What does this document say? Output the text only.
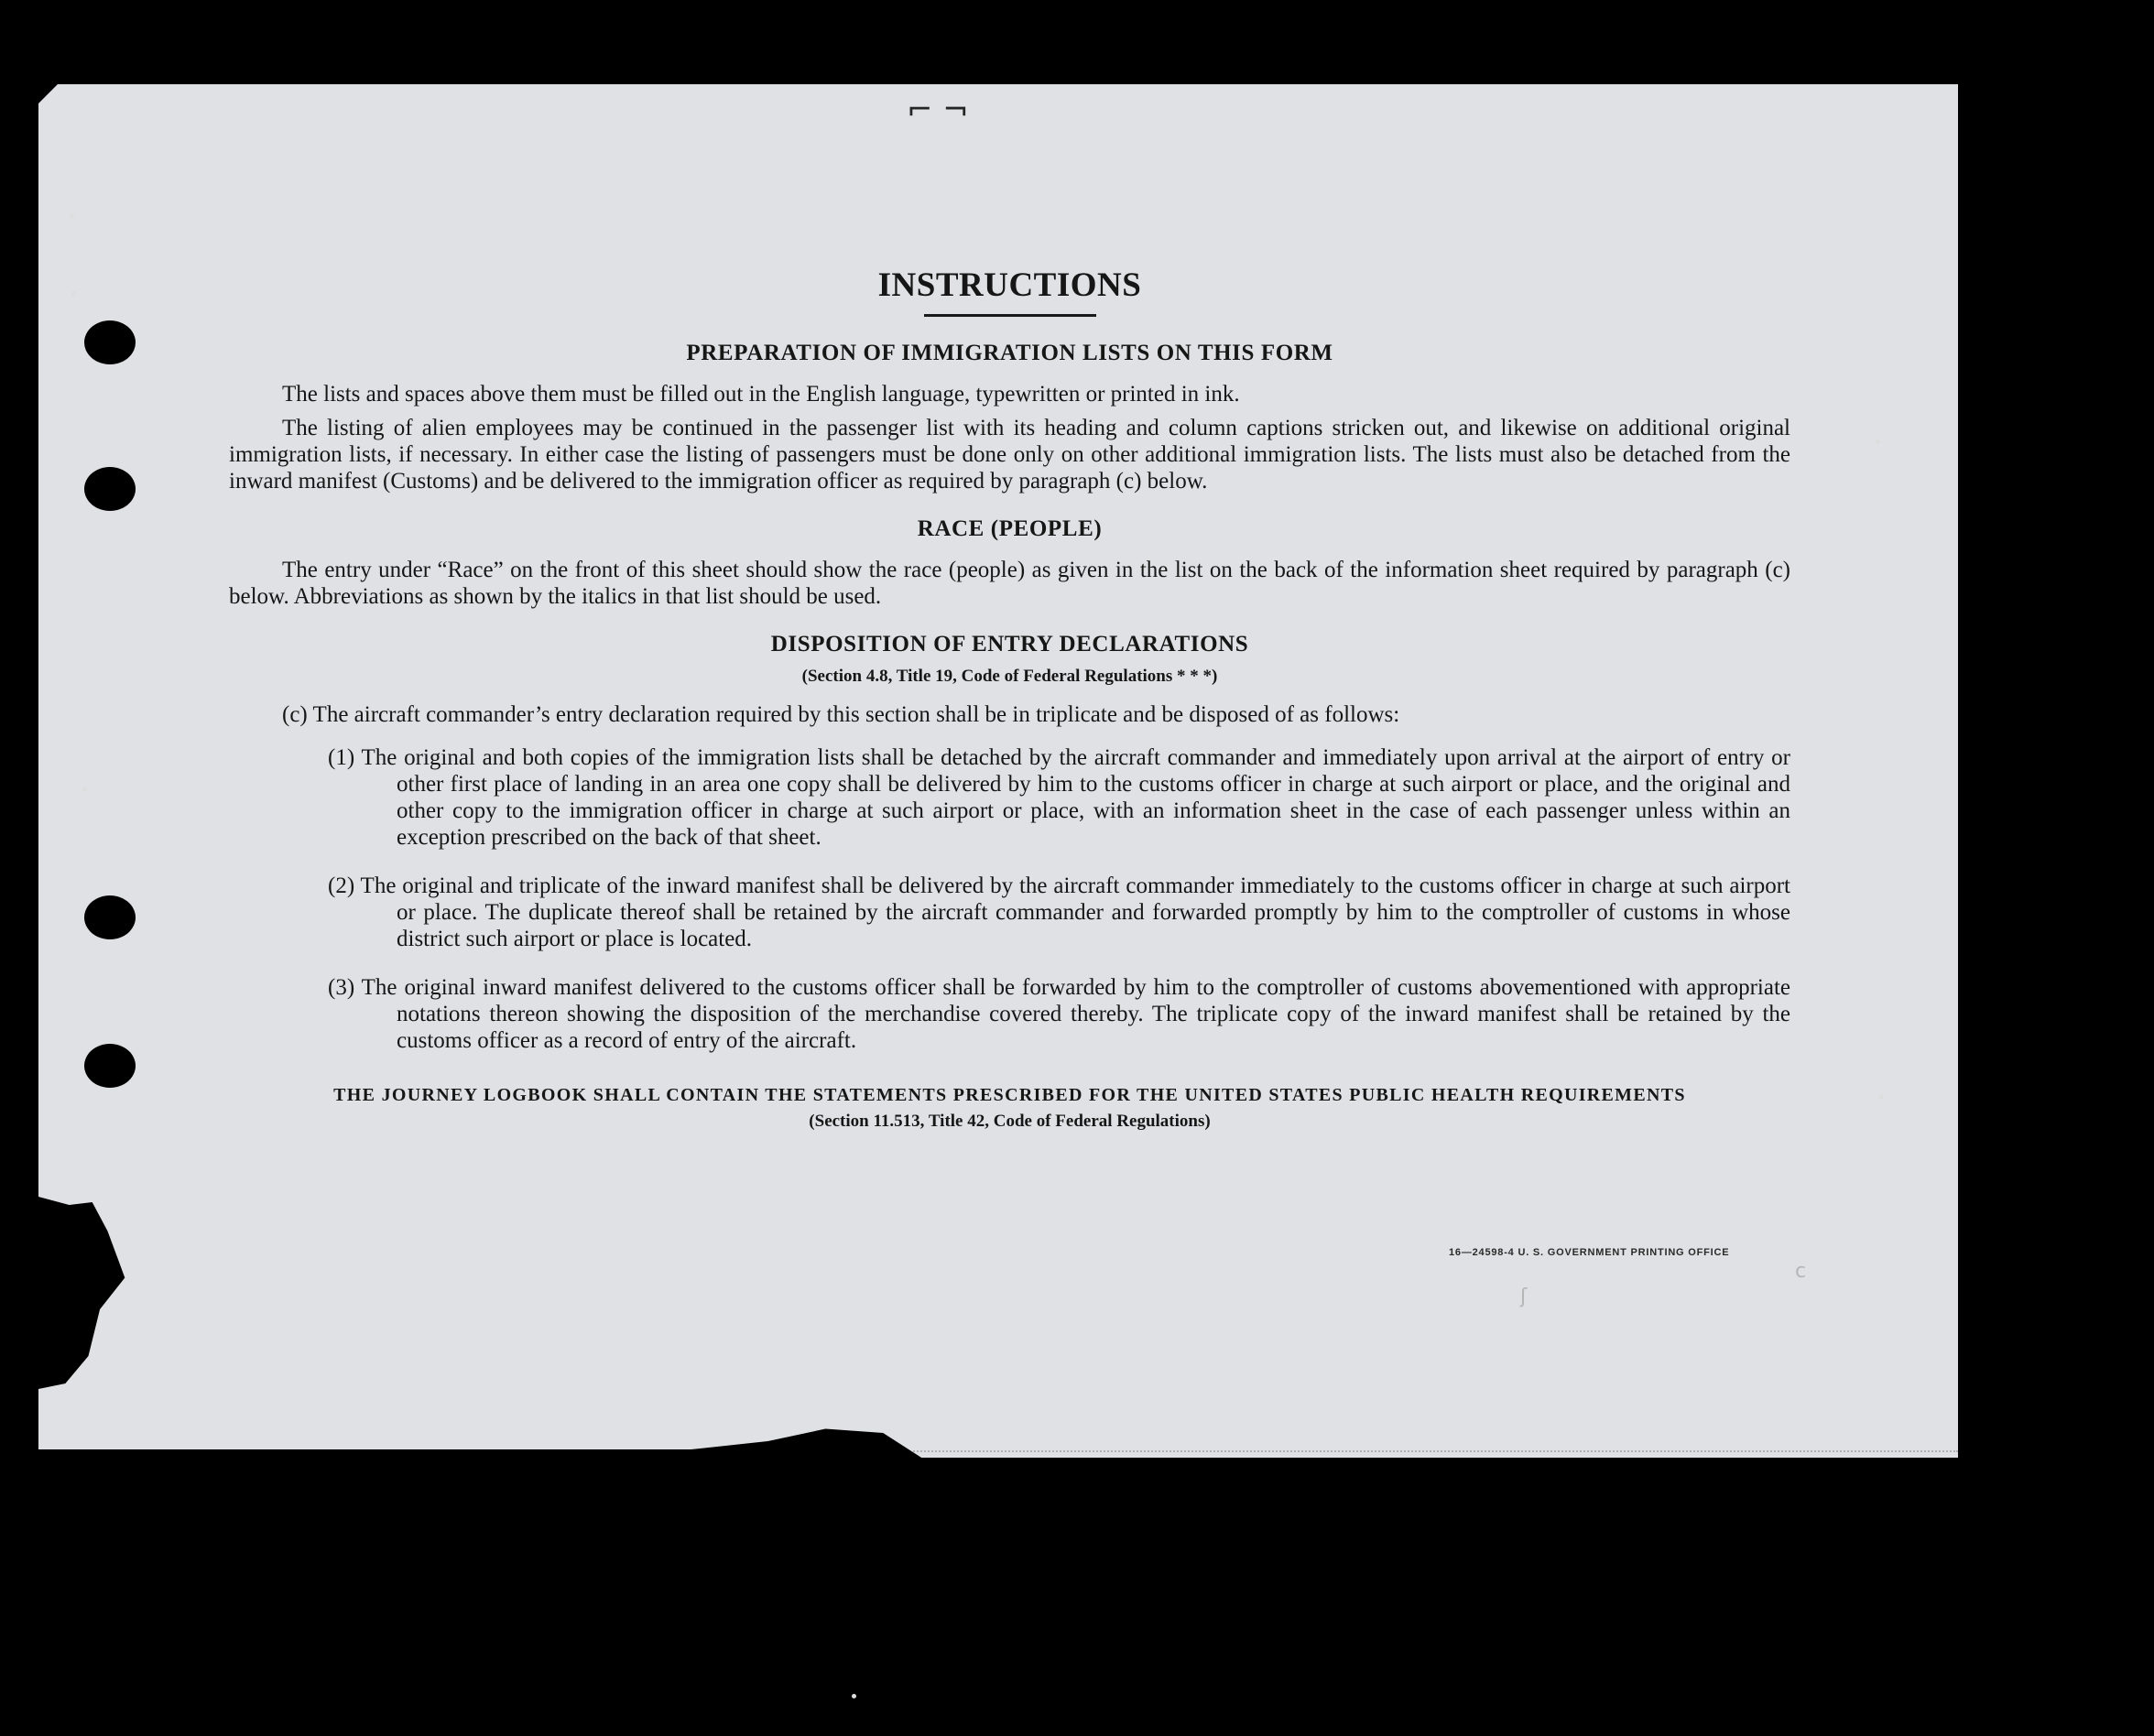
⌐ ¬
ʃ
c
INSTRUCTIONS
PREPARATION OF IMMIGRATION LISTS ON THIS FORM

The lists and spaces above them must be filled out in the English language, typewritten or printed in ink.

The listing of alien employees may be continued in the passenger list with its heading and column captions stricken out, and likewise on additional original immigration lists, if necessary. In either case the listing of passengers must be done only on other additional immigration lists. The lists must also be detached from the inward manifest (Customs) and be delivered to the immigration officer as required by paragraph (c) below.

RACE (PEOPLE)

The entry under “Race” on the front of this sheet should show the race (people) as given in the list on the back of the information sheet required by paragraph (c) below. Abbreviations as shown by the italics in that list should be used.

DISPOSITION OF ENTRY DECLARATIONS
(Section 4.8, Title 19, Code of Federal Regulations * * *)

(c) The aircraft commander’s entry declaration required by this section shall be in triplicate and be disposed of as follows:

(1) The original and both copies of the immigration lists shall be detached by the aircraft commander and immediately upon arrival at the airport of entry or other first place of landing in an area one copy shall be delivered by him to the customs officer in charge at such airport or place, and the original and other copy to the immigration officer in charge at such airport or place, with an information sheet in the case of each passenger unless within an exception prescribed on the back of that sheet.

(2) The original and triplicate of the inward manifest shall be delivered by the aircraft commander immediately to the customs officer in charge at such airport or place. The duplicate thereof shall be retained by the aircraft commander and forwarded promptly by him to the comptroller of customs in whose district such airport or place is located.

(3) The original inward manifest delivered to the customs officer shall be forwarded by him to the comptroller of customs abovementioned with appropriate notations thereon showing the disposition of the merchandise covered thereby. The triplicate copy of the inward manifest shall be retained by the customs officer as a record of entry of the aircraft.

THE JOURNEY LOGBOOK SHALL CONTAIN THE STATEMENTS PRESCRIBED FOR THE UNITED STATES PUBLIC HEALTH REQUIREMENTS
(Section 11.513, Title 42, Code of Federal Regulations)
16—24598-4 U. S. GOVERNMENT PRINTING OFFICE
